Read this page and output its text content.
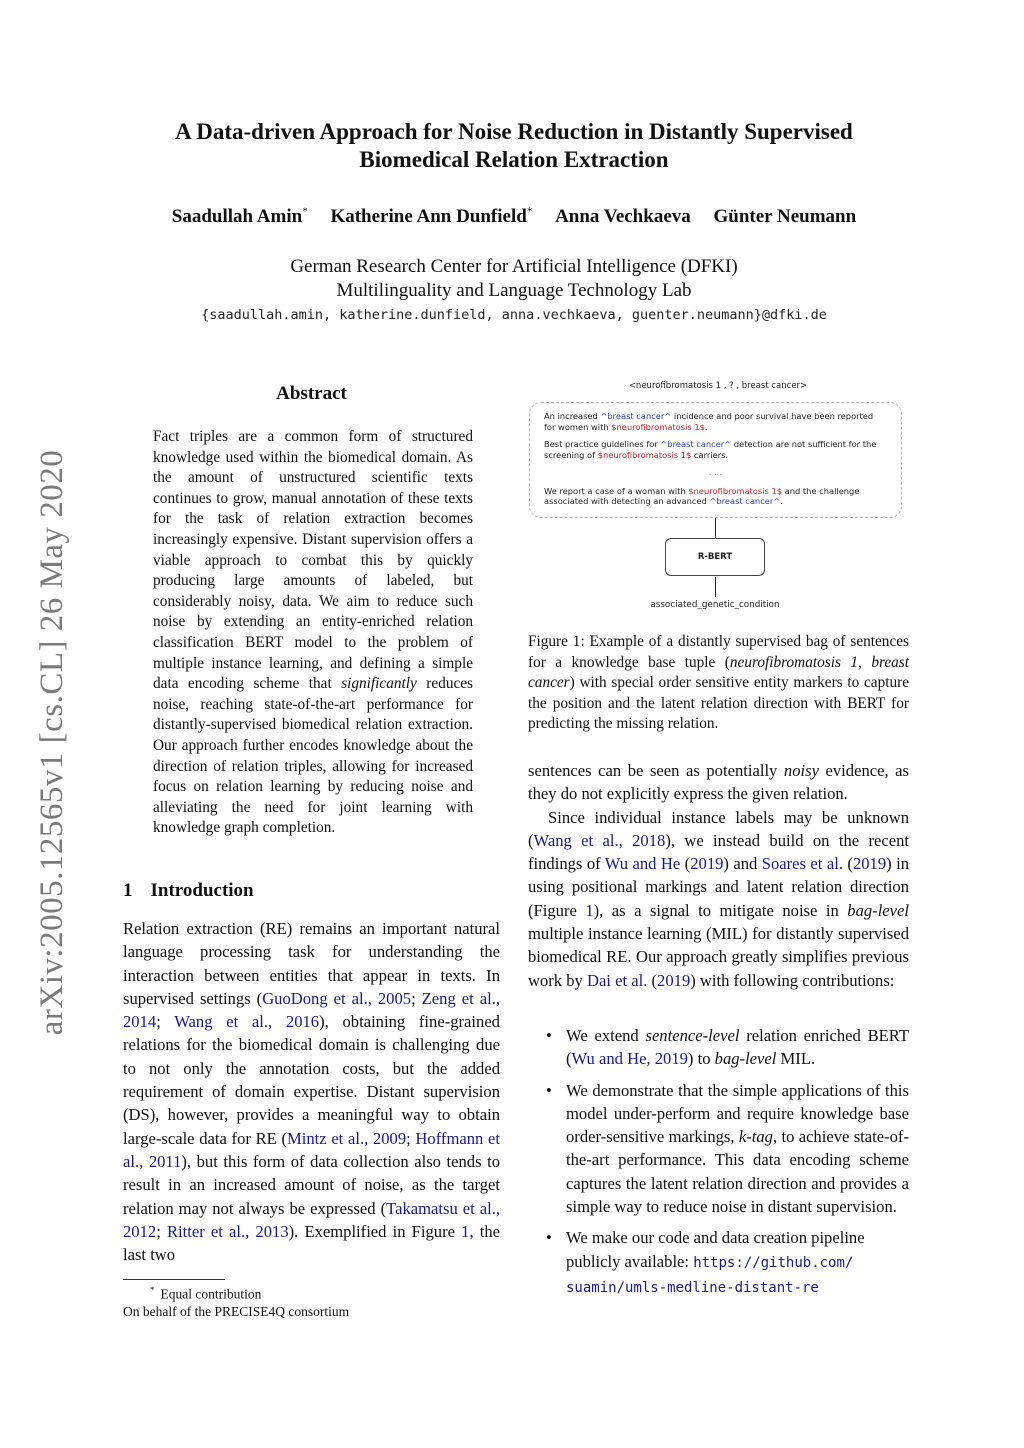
arXiv:2005.12565v1 [cs.CL] 26 May 2020
A Data-driven Approach for Noise Reduction in Distantly Supervised
Biomedical Relation Extraction
Saadullah Amin* Katherine Ann Dunfield* Anna Vechkaeva Günter Neumann
German Research Center for Artificial Intelligence (DFKI)
Multilinguality and Language Technology Lab
{saadullah.amin, katherine.dunfield, anna.vechkaeva, guenter.neumann}@dfki.de
Abstract
Fact triples are a common form of structured knowledge used within the biomedical domain. As the amount of unstructured scientific texts continues to grow, manual annotation of these texts for the task of relation extraction becomes increasingly expensive. Distant supervision offers a viable approach to combat this by quickly producing large amounts of labeled, but considerably noisy, data. We aim to reduce such noise by extending an entity-enriched relation classification BERT model to the problem of multiple instance learning, and defining a simple data encoding scheme that significantly reduces noise, reaching state-of-the-art performance for distantly-supervised biomedical relation extraction. Our approach further encodes knowledge about the direction of relation triples, allowing for increased focus on relation learning by reducing noise and alleviating the need for joint learning with knowledge graph completion.
1 Introduction
Relation extraction (RE) remains an important natural language processing task for understanding the interaction between entities that appear in texts. In supervised settings (GuoDong et al., 2005; Zeng et al., 2014; Wang et al., 2016), obtaining fine-grained relations for the biomedical domain is challenging due to not only the annotation costs, but the added requirement of domain expertise. Distant supervision (DS), however, provides a meaningful way to obtain large-scale data for RE (Mintz et al., 2009; Hoffmann et al., 2011), but this form of data collection also tends to result in an increased amount of noise, as the target relation may not always be expressed (Takamatsu et al., 2012; Ritter et al., 2013). Exemplified in Figure 1, the last two
* Equal contribution
On behalf of the PRECISE4Q consortium
<neurofibromatosis 1 , ? , breast cancer>

An increased ^breast cancer^ incidence and poor survival have been reported for women with $neurofibromatosis 1$.

Best practice guidelines for ^breast cancer^ detection are not sufficient for the screening of $neurofibromatosis 1$ carriers.

. . .

We report a case of a woman with $neurofibromatosis 1$ and the challenge associated with detecting an advanced ^breast cancer^.

R-BERT
associated_genetic_condition
Figure 1: Example of a distantly supervised bag of sentences for a knowledge base tuple (neurofibromatosis 1, breast cancer) with special order sensitive entity markers to capture the position and the latent relation direction with BERT for predicting the missing relation.

sentences can be seen as potentially noisy evidence, as they do not explicitly express the given relation.

Since individual instance labels may be unknown (Wang et al., 2018), we instead build on the recent findings of Wu and He (2019) and Soares et al. (2019) in using positional markings and latent relation direction (Figure 1), as a signal to mitigate noise in bag-level multiple instance learning (MIL) for distantly supervised biomedical RE. Our approach greatly simplifies previous work by Dai et al. (2019) with following contributions:

• We extend sentence-level relation enriched BERT (Wu and He, 2019) to bag-level MIL.
• We demonstrate that the simple applications of this model under-perform and require knowledge base order-sensitive markings, k-tag, to achieve state-of-the-art performance. This data encoding scheme captures the latent relation direction and provides a simple way to reduce noise in distant supervision.
• We make our code and data creation pipeline publicly available: https://github.com/
suamin/umls-medline-distant-re
